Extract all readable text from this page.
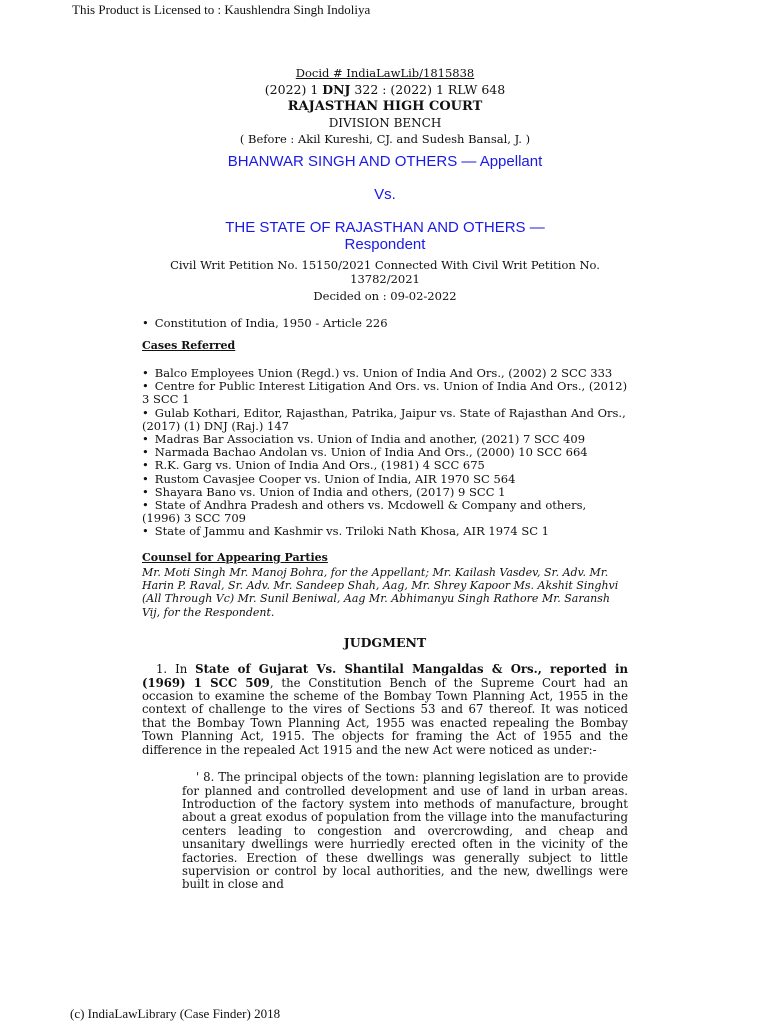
This Product is Licensed to : Kaushlendra Singh Indoliya
Docid # IndiaLawLib/1815838
(2022) 1 DNJ 322 : (2022) 1 RLW 648
RAJASTHAN HIGH COURT
DIVISION BENCH
( Before : Akil Kureshi, CJ. and Sudesh Bansal, J. )
BHANWAR SINGH AND OTHERS — Appellant
Vs.
THE STATE OF RAJASTHAN AND OTHERS —
Respondent
Civil Writ Petition No. 15150/2021 Connected With Civil Writ Petition No. 13782/2021
Decided on : 09-02-2022
• Constitution of India, 1950 - Article 226
Cases Referred
• Balco Employees Union (Regd.) vs. Union of India And Ors., (2002) 2 SCC 333
• Centre for Public Interest Litigation And Ors. vs. Union of India And Ors., (2012) 3 SCC 1
• Gulab Kothari, Editor, Rajasthan, Patrika, Jaipur vs. State of Rajasthan And Ors., (2017) (1) DNJ (Raj.) 147
• Madras Bar Association vs. Union of India and another, (2021) 7 SCC 409
• Narmada Bachao Andolan vs. Union of India And Ors., (2000) 10 SCC 664
• R.K. Garg vs. Union of India And Ors., (1981) 4 SCC 675
• Rustom Cavasjee Cooper vs. Union of India, AIR 1970 SC 564
• Shayara Bano vs. Union of India and others, (2017) 9 SCC 1
• State of Andhra Pradesh and others vs. Mcdowell & Company and others, (1996) 3 SCC 709
• State of Jammu and Kashmir vs. Triloki Nath Khosa, AIR 1974 SC 1
Counsel for Appearing Parties
Mr. Moti Singh Mr. Manoj Bohra, for the Appellant; Mr. Kailash Vasdev, Sr. Adv. Mr. Harin P. Raval, Sr. Adv. Mr. Sandeep Shah, Aag, Mr. Shrey Kapoor Ms. Akshit Singhvi (All Through Vc) Mr. Sunil Beniwal, Aag Mr. Abhimanyu Singh Rathore Mr. Saransh Vij, for the Respondent.
JUDGMENT
1. In State of Gujarat Vs. Shantilal Mangaldas & Ors., reported in (1969) 1 SCC 509, the Constitution Bench of the Supreme Court had an occasion to examine the scheme of the Bombay Town Planning Act, 1955 in the context of challenge to the vires of Sections 53 and 67 thereof. It was noticed that the Bombay Town Planning Act, 1955 was enacted repealing the Bombay Town Planning Act, 1915. The objects for framing the Act of 1955 and the difference in the repealed Act 1915 and the new Act were noticed as under:-
' 8. The principal objects of the town: planning legislation are to provide for planned and controlled development and use of land in urban areas. Introduction of the factory system into methods of manufacture, brought about a great exodus of population from the village into the manufacturing centers leading to congestion and overcrowding, and cheap and unsanitary dwellings were hurriedly erected often in the vicinity of the factories. Erection of these dwellings was generally subject to little supervision or control by local authorities, and the new, dwellings were built in close and
(c) IndiaLawLibrary (Case Finder) 2018
